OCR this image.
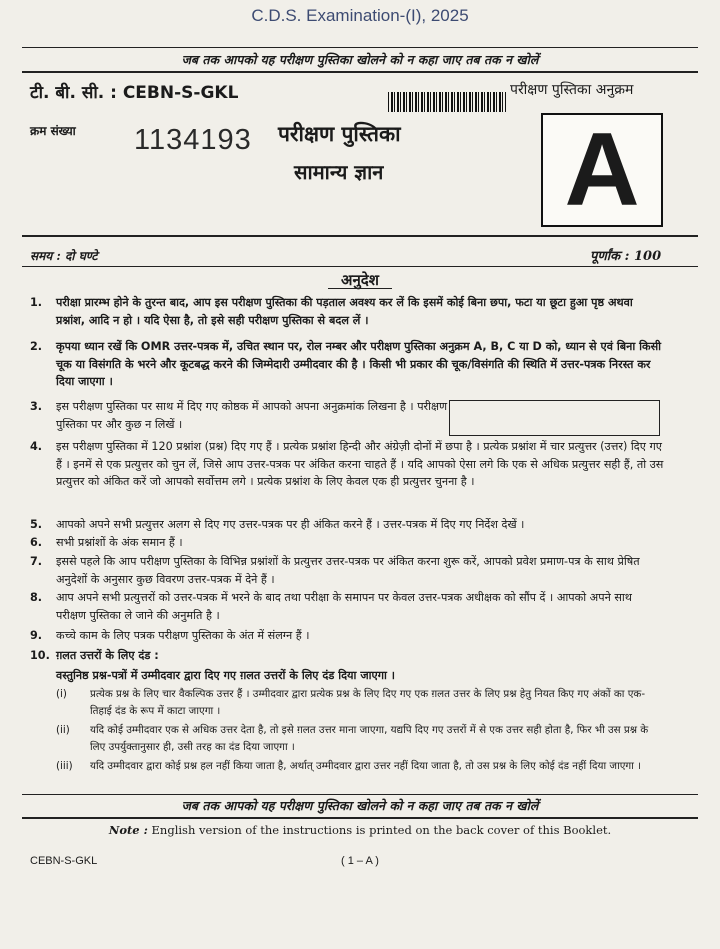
C.D.S. Examination-(I), 2025
जब तक आपको यह परीक्षण पुस्तिका खोलने को न कहा जाए तब तक न खोलें
टी. बी. सी. : CEBN-S-GKL	परीक्षण पुस्तिका अनुक्रम
क्रम संख्या 1134193 परीक्षण पुस्तिका
सामान्य ज्ञान A
समय : दो घण्टे	पूर्णांक : 100
अनुदेश
1.	परीक्षा प्रारम्भ होने के तुरन्त बाद, आप इस परीक्षण पुस्तिका की पड़ताल अवश्य कर लें कि इसमें कोई बिना छपा, फटा या छूटा हुआ पृष्ठ अथवा प्रश्नांश, आदि न हो । यदि ऐसा है, तो इसे सही परीक्षण पुस्तिका से बदल लें ।
2.	कृपया ध्यान रखें कि OMR उत्तर-पत्रक में, उचित स्थान पर, रोल नम्बर और परीक्षण पुस्तिका अनुक्रम A, B, C या D को, ध्यान से एवं बिना किसी चूक या विसंगति के भरने और कूटबद्ध करने की जिम्मेदारी उम्मीदवार की है । किसी भी प्रकार की चूक/विसंगति की स्थिति में उत्तर-पत्रक निरस्त कर दिया जाएगा ।
3.	इस परीक्षण पुस्तिका पर साथ में दिए गए कोष्ठक में आपको अपना अनुक्रमांक लिखना है । परीक्षण पुस्तिका पर और कुछ न लिखें ।
4.	इस परीक्षण पुस्तिका में 120 प्रश्नांश (प्रश्न) दिए गए हैं । प्रत्येक प्रश्नांश हिन्दी और अंग्रेज़ी दोनों में छपा है । प्रत्येक प्रश्नांश में चार प्रत्युत्तर (उत्तर) दिए गए हैं । इनमें से एक प्रत्युत्तर को चुन लें, जिसे आप उत्तर-पत्रक पर अंकित करना चाहते हैं । यदि आपको ऐसा लगे कि एक से अधिक प्रत्युत्तर सही हैं, तो उस प्रत्युत्तर को अंकित करें जो आपको सर्वोत्तम लगे । प्रत्येक प्रश्नांश के लिए केवल एक ही प्रत्युत्तर चुनना है ।
5.	आपको अपने सभी प्रत्युत्तर अलग से दिए गए उत्तर-पत्रक पर ही अंकित करने हैं । उत्तर-पत्रक में दिए गए निर्देश देखें ।
6.	सभी प्रश्नांशों के अंक समान हैं ।
7.	इससे पहले कि आप परीक्षण पुस्तिका के विभिन्न प्रश्नांशों के प्रत्युत्तर उत्तर-पत्रक पर अंकित करना शुरू करें, आपको प्रवेश प्रमाण-पत्र के साथ प्रेषित अनुदेशों के अनुसार कुछ विवरण उत्तर-पत्रक में देने हैं ।
8.	आप अपने सभी प्रत्युत्तरों को उत्तर-पत्रक में भरने के बाद तथा परीक्षा के समापन पर केवल उत्तर-पत्रक अधीक्षक को सौंप दें । आपको अपने साथ परीक्षण पुस्तिका ले जाने की अनुमति है ।
9.	कच्चे काम के लिए पत्रक परीक्षण पुस्तिका के अंत में संलग्न हैं ।
10. ग़लत उत्तरों के लिए दंड :
वस्तुनिष्ठ प्रश्न-पत्रों में उम्मीदवार द्वारा दिए गए ग़लत उत्तरों के लिए दंड दिया जाएगा ।
(i)	प्रत्येक प्रश्न के लिए चार वैकल्पिक उत्तर हैं । उम्मीदवार द्वारा प्रत्येक प्रश्न के लिए दिए गए एक ग़लत उत्तर के लिए प्रश्न हेतु नियत किए गए अंकों का एक-तिहाई दंड के रूप में काटा जाएगा ।
(ii)	यदि कोई उम्मीदवार एक से अधिक उत्तर देता है, तो इसे ग़लत उत्तर माना जाएगा, यद्यपि दिए गए उत्तरों में से एक उत्तर सही होता है, फिर भी उस प्रश्न के लिए उपर्युक्तानुसार ही, उसी तरह का दंड दिया जाएगा ।
(iii)	यदि उम्मीदवार द्वारा कोई प्रश्न हल नहीं किया जाता है, अर्थात् उम्मीदवार द्वारा उत्तर नहीं दिया जाता है, तो उस प्रश्न के लिए कोई दंड नहीं दिया जाएगा ।
जब तक आपको यह परीक्षण पुस्तिका खोलने को न कहा जाए तब तक न खोलें
Note : English version of the instructions is printed on the back cover of this Booklet.
CEBN-S-GKL	( 1 – A )
